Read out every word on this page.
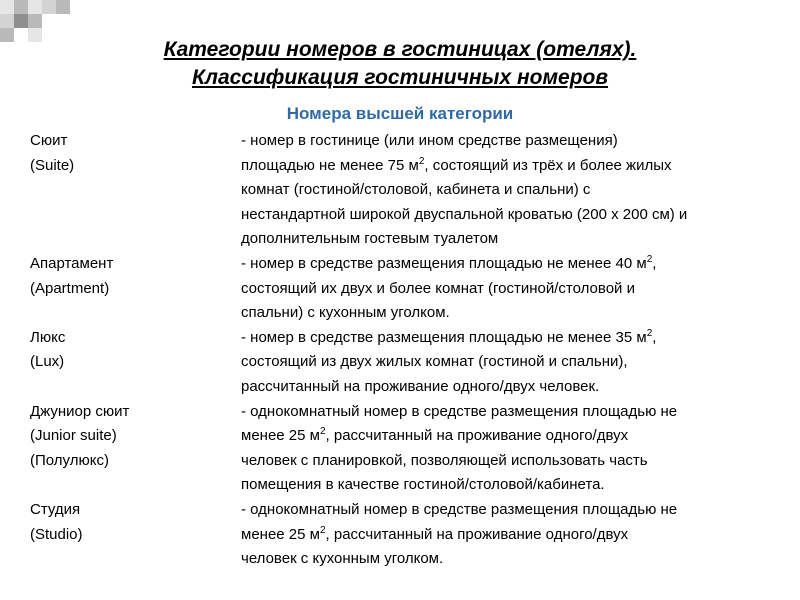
Категории номеров в гостиницах (отелях).
Классификация гостиничных номеров
Номера высшей категории
Сюит
(Suite)
- номер в гостинице (или ином средстве размещения)
площадью не менее 75 $м^2$, состоящий из трёх и более жилых
комнат (гостиной/столовой, кабинета и спальни) с
нестандартной широкой двуспальной кроватью (200 х 200 см) и
дополнительным гостевым туалетом
Апартамент
(Apartment)
- номер в средстве размещения площадью не менее 40 $м^2$,
состоящий их двух и более комнат (гостиной/столовой и
спальни) с кухонным уголком.
Люкс
(Lux)
- номер в средстве размещения площадью не менее 35 $м^2$,
состоящий из двух жилых комнат (гостиной и спальни),
рассчитанный на проживание одного/двух человек.
Джуниор сюит
(Junior suite)
(Полулюкс)
- однокомнатный номер в средстве размещения площадью не
менее 25 $м^2$, рассчитанный на проживание одного/двух
человек с планировкой, позволяющей использовать часть
помещения в качестве гостиной/столовой/кабинета.
Студия
(Studio)
- однокомнатный номер в средстве размещения площадью не
менее 25 $м^2$, рассчитанный на проживание одного/двух
человек с кухонным уголком.
